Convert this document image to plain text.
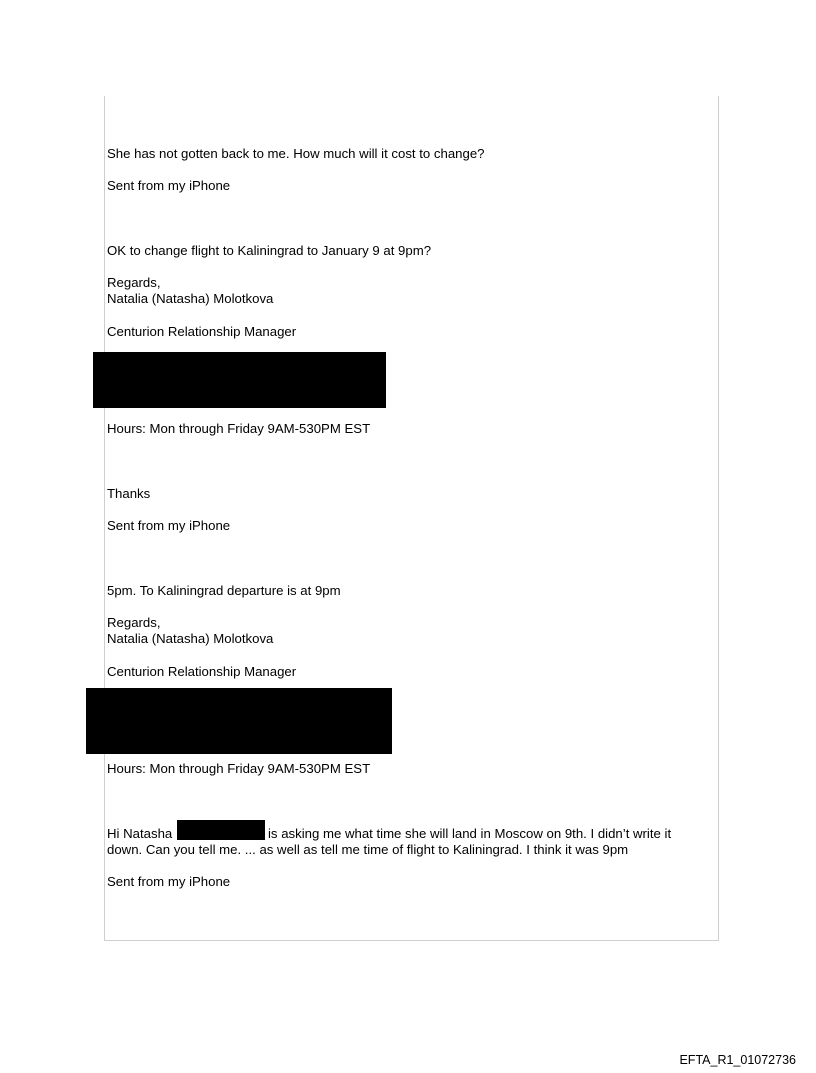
She has not gotten back to me. How much will it cost to change?
Sent from my iPhone
OK to change flight to Kaliningrad to January 9 at 9pm?
Regards,
Natalia (Natasha) Molotkova
Centurion Relationship Manager
Hours: Mon through Friday 9AM-530PM EST
Thanks
Sent from my iPhone
5pm. To Kaliningrad departure is at 9pm
Regards,
Natalia (Natasha) Molotkova
Centurion Relationship Manager
Hours: Mon through Friday 9AM-530PM EST
Hi Natasha	is asking me what time she will land in Moscow on 9th. I didn’t write it
down. Can you tell me. ... as well as tell me time of flight to Kaliningrad. I think it was 9pm
Sent from my iPhone
EFTA_R1_01072736
